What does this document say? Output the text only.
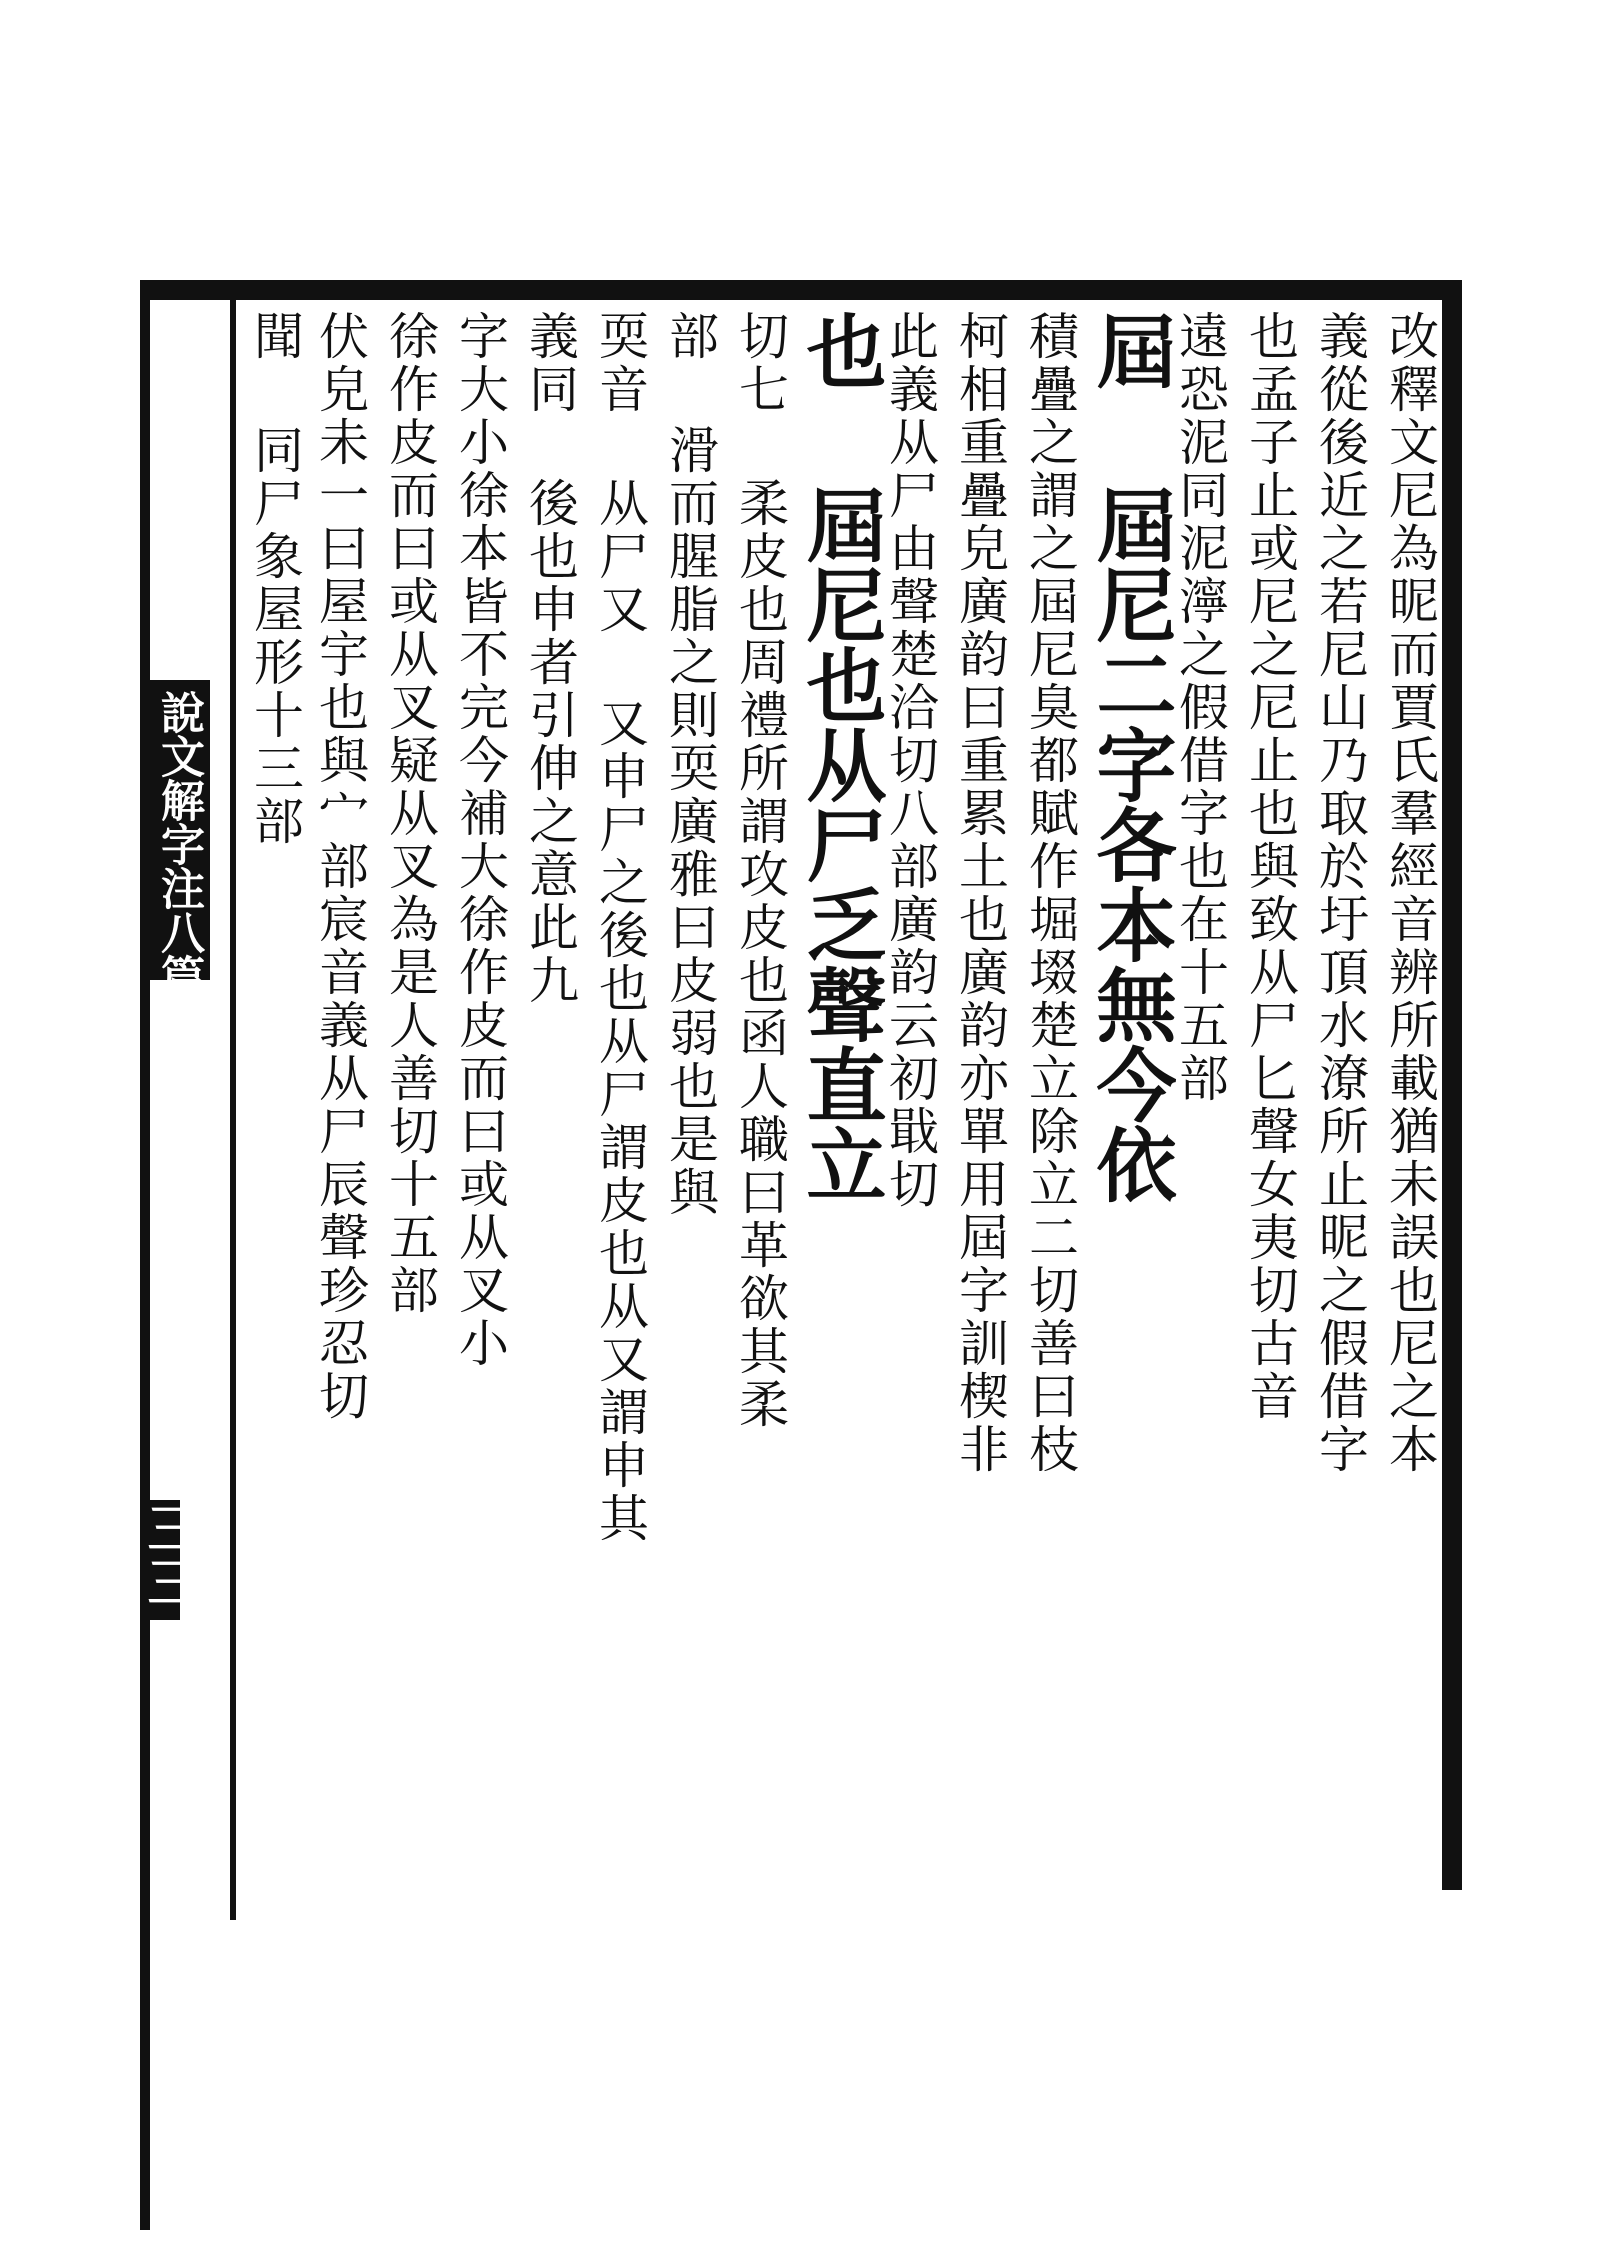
說文解字注八篇上
三三
改釋文尼為昵而賈氏羣經音辨所載猶未誤也尼之本
義從後近之若尼山乃取於圩頂水潦所止昵之假借字
也孟子止或尼之尼止也與致从尸匕聲女夷切古音
遠恐泥同泥濘之假借字也在十五部
屆 屆尼二字各本無今依
積疊之謂之屆尼臭都賦作堀㙍楚立除立二切善曰枝
柯相重疊皃廣韵曰重累土也廣韵亦單用屆字訓楔非
此義从尸由聲楚洽切八部廣韵云初戢切
也 屆尼也从尸乏聲直立
切七 柔皮也周禮所謂攻皮也函人職曰革欲其柔
部 滑而腥脂之則耎廣雅曰皮弱也是與
耎音 从尸又 又申尸之後也从尸謂皮也从又謂申其
義同 後也申者引伸之意此九
字大小徐本皆不完今補大徐作皮而曰或从叉小
徐作皮而曰或从叉疑从叉為是人善切十五部
伏皃未一曰屋宇也與宀部宸音義从尸辰聲珍忍切
聞 同尸象屋形十三部
